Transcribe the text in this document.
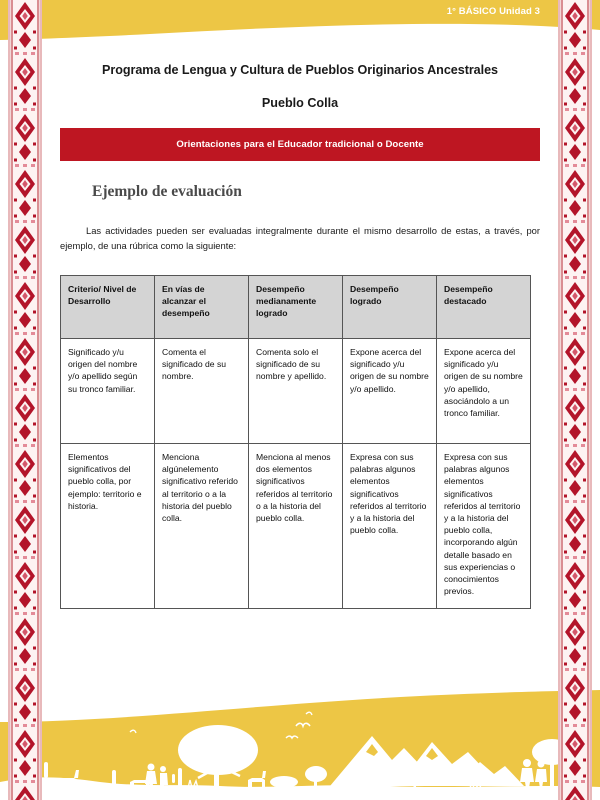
1° BÁSICO Unidad 3
Programa de Lengua y Cultura de Pueblos Originarios Ancestrales
Pueblo Colla
Orientaciones para el Educador tradicional o Docente
Ejemplo de evaluación
Las actividades pueden ser evaluadas integralmente durante el mismo desarrollo de estas, a través, por ejemplo, de una rúbrica como la siguiente:
Criterio/ Nivel de Desarrollo	En vías de alcanzar el desempeño	Desempeño medianamente logrado	Desempeño logrado	Desempeño destacado
Significado y/u origen del nombre y/o apellido según su tronco familiar.	Comenta el significado de su nombre.	Comenta solo el significado de su nombre y apellido.	Expone acerca del significado y/u origen de su nombre y/o apellido.	Expone acerca del significado y/u origen de su nombre y/o apellido, asociándolo a un tronco familiar.
Elementos significativos del pueblo colla, por ejemplo: territorio e historia.	Menciona algúnelemento significativo referido al territorio o a la historia del pueblo colla.	Menciona al menos dos elementos significativos referidos al territorio o a la historia del pueblo colla.	Expresa con sus palabras algunos elementos significativos referidos al territorio y a la historia del pueblo colla.	Expresa con sus palabras algunos elementos significativos referidos al territorio y a la historia del pueblo colla, incorporando algún detalle basado en sus experiencias o conocimientos previos.
